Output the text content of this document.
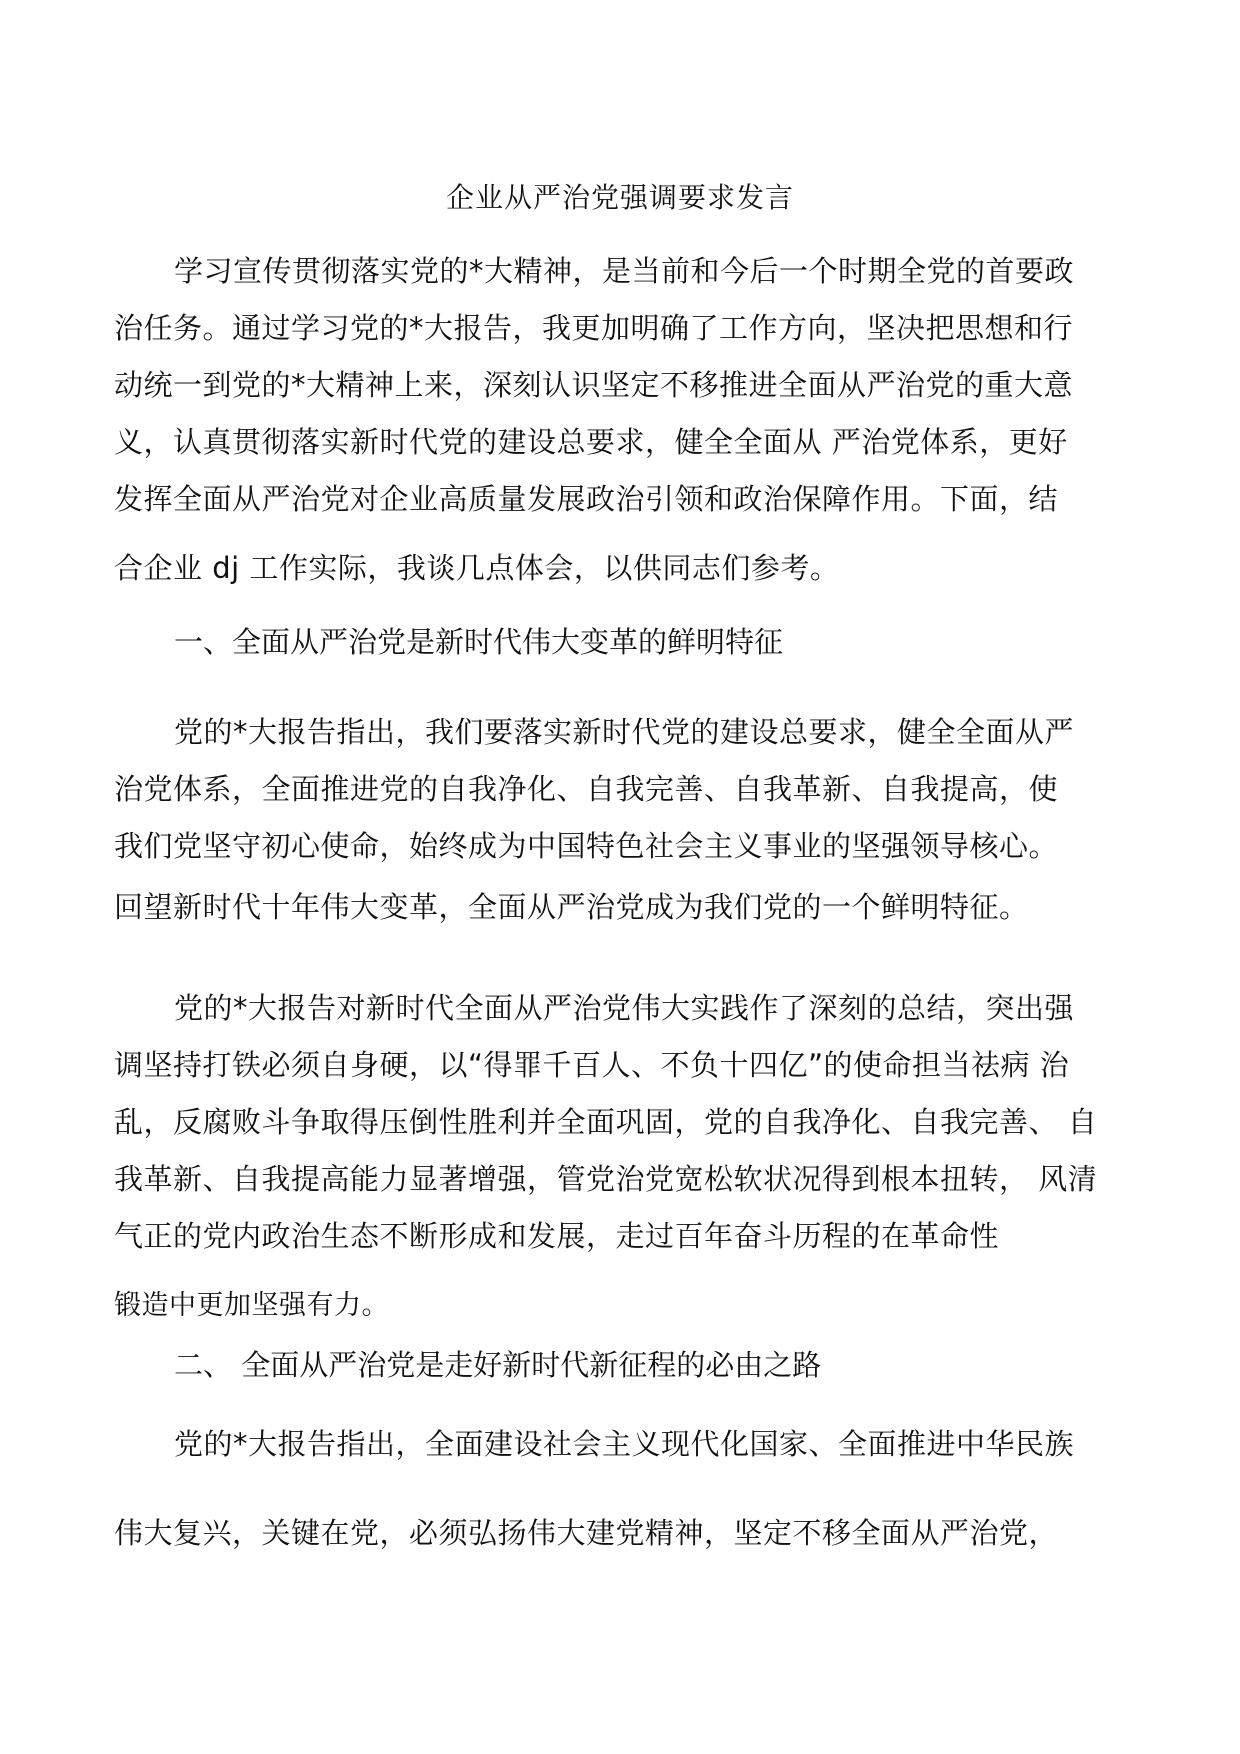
企业从严治党强调要求发言
学习宣传贯彻落实党的*大精神，是当前和今后一个时期全党的首要政
治任务。通过学习党的*大报告，我更加明确了工作方向，坚决把思想和行
动统一到党的*大精神上来，深刻认识坚定不移推进全面从严治党的重大意
义，认真贯彻落实新时代党的建设总要求，健全全面从 严治党体系，更好
发挥全面从严治党对企业高质量发展政治引领和政治保障作用。下面，结
合企业 dj 工作实际，我谈几点体会，以供同志们参考。
一、全面从严治党是新时代伟大变革的鲜明特征
党的*大报告指出，我们要落实新时代党的建设总要求，健全全面从严
治党体系，全面推进党的自我净化、自我完善、自我革新、自我提高，使
我们党坚守初心使命，始终成为中国特色社会主义事业的坚强领导核心。
回望新时代十年伟大变革，全面从严治党成为我们党的一个鲜明特征。
党的*大报告对新时代全面从严治党伟大实践作了深刻的总结，突出强
调坚持打铁必须自身硬，以“得罪千百人、不负十四亿”的使命担当祛病 治
乱，反腐败斗争取得压倒性胜利并全面巩固，党的自我净化、自我完善、 自
我革新、自我提高能力显著增强，管党治党宽松软状况得到根本扭转， 风清
气正的党内政治生态不断形成和发展，走过百年奋斗历程的在革命性
锻造中更加坚强有力。
二、 全面从严治党是走好新时代新征程的必由之路
党的*大报告指出，全面建设社会主义现代化国家、全面推进中华民族
伟大复兴，关键在党，必须弘扬伟大建党精神，坚定不移全面从严治党，
